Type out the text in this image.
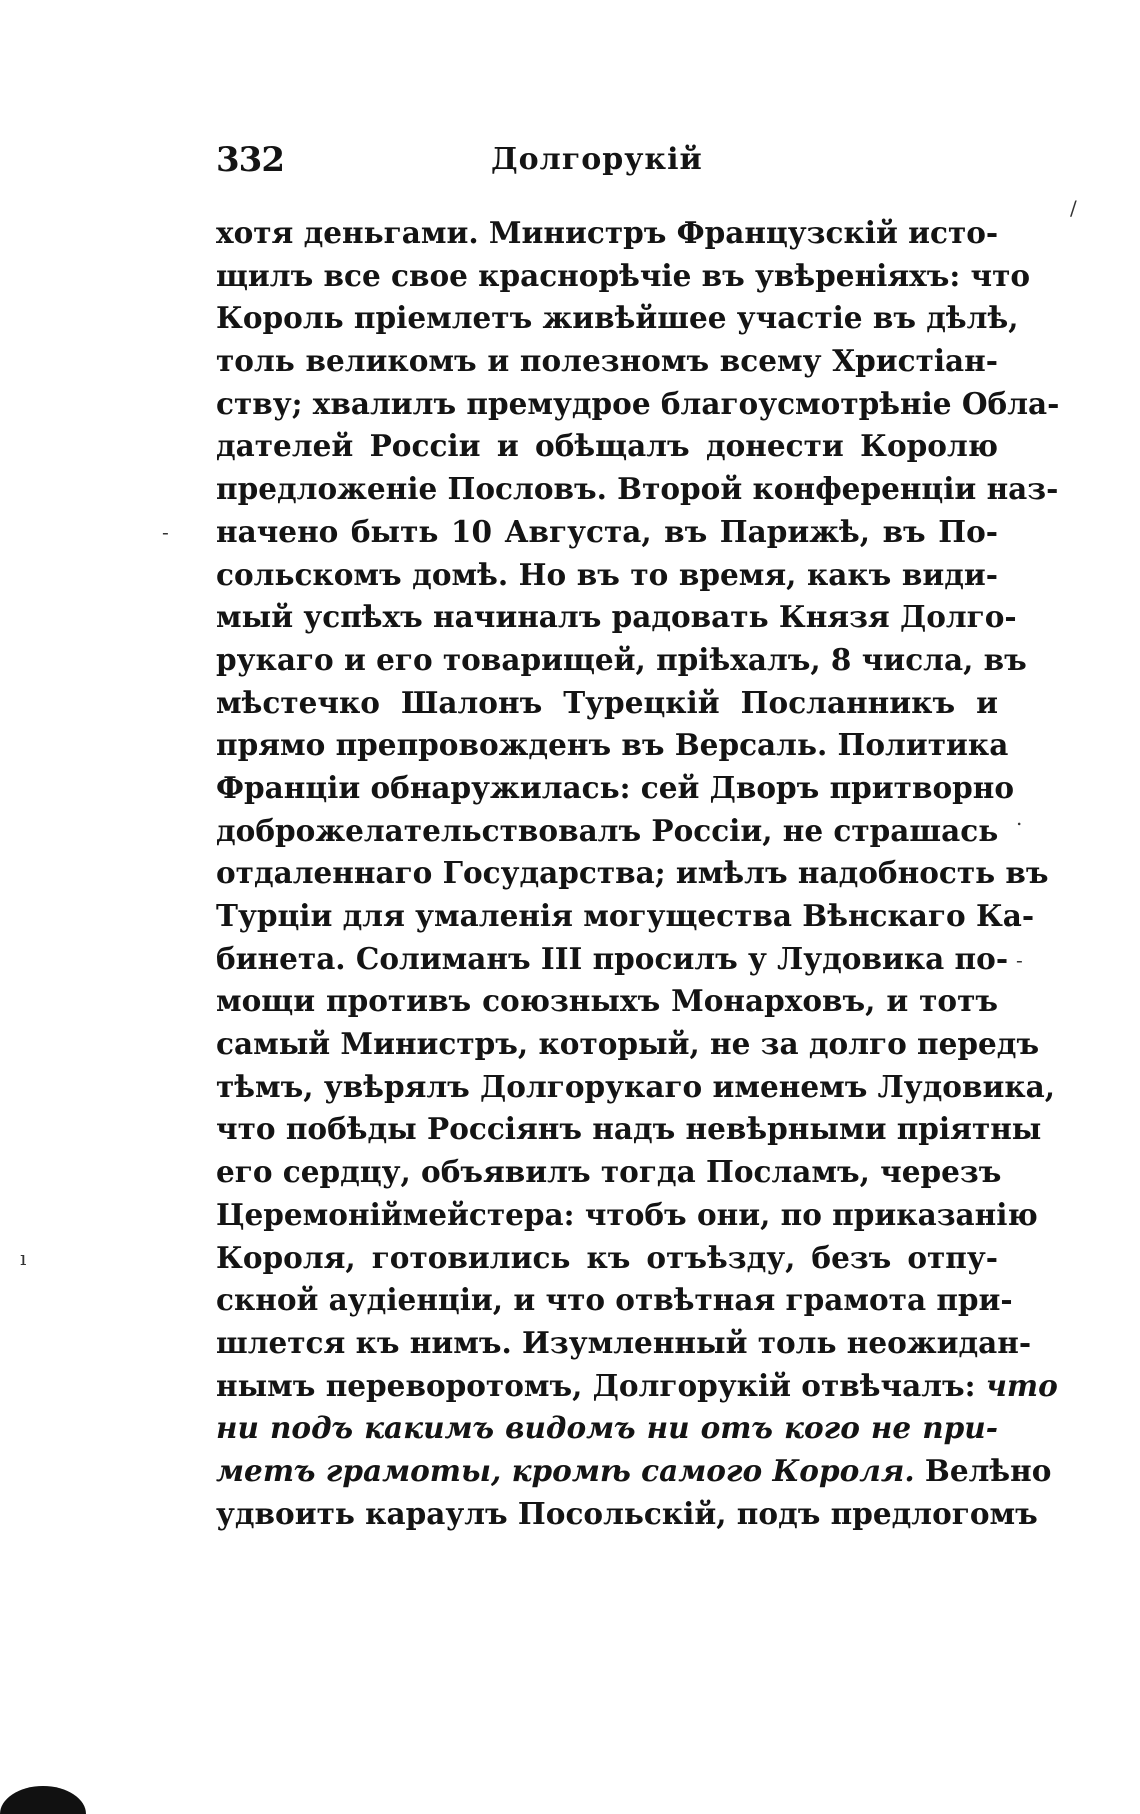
332	Долгорукій
хотя деньгами. Министръ Французскій исто-
щилъ все свое краснорѣчіе въ увѣреніяхъ: что
Король пріемлетъ живѣйшее участіе въ дѣлѣ,
толь великомъ и полезномъ всему Христіан-
ству; хвалилъ премудрое благоусмотрѣніе Обла-
дателей Россіи и обѣщалъ донести Королю
предложеніе Пословъ. Второй конференціи наз-
начено быть 10 Августа, въ Парижѣ, въ По-
сольскомъ домѣ. Но въ то время, какъ види-
мый успѣхъ начиналъ радовать Князя Долго-
рукаго и его товарищей, пріѣхалъ, 8 числа, въ
мѣстечко Шалонъ Турецкій Посланникъ и
прямо препровожденъ въ Версаль. Политика
Франціи обнаружилась: сей Дворъ притворно
доброжелательствовалъ Россіи, не страшась
отдаленнаго Государства; имѣлъ надобность въ
Турціи для умаленія могущества Вѣнскаго Ка-
бинета. Солиманъ III просилъ у Лудовика по-
мощи противъ союзныхъ Монарховъ, и тотъ
самый Министръ, который, не за долго передъ
тѣмъ, увѣрялъ Долгорукаго именемъ Лудовика,
что побѣды Россіянъ надъ невѣрными пріятны
его сердцу, объявилъ тогда Посламъ, черезъ
Церемоніймейстера: чтобъ они, по приказанію
Короля, готовились къ отъѣзду, безъ отпу-
скной аудіенціи, и что отвѣтная грамота при-
шлется къ нимъ. Изумленный толь неожидан-
нымъ переворотомъ, Долгорукій отвѣчалъ: что
ни подъ какимъ видомъ ни отъ кого не при-
метъ грамоты, кромѣ самого Короля. Велѣно
удвоить караулъ Посольскій, подъ предлогомъ
/
-
.
-
ı
